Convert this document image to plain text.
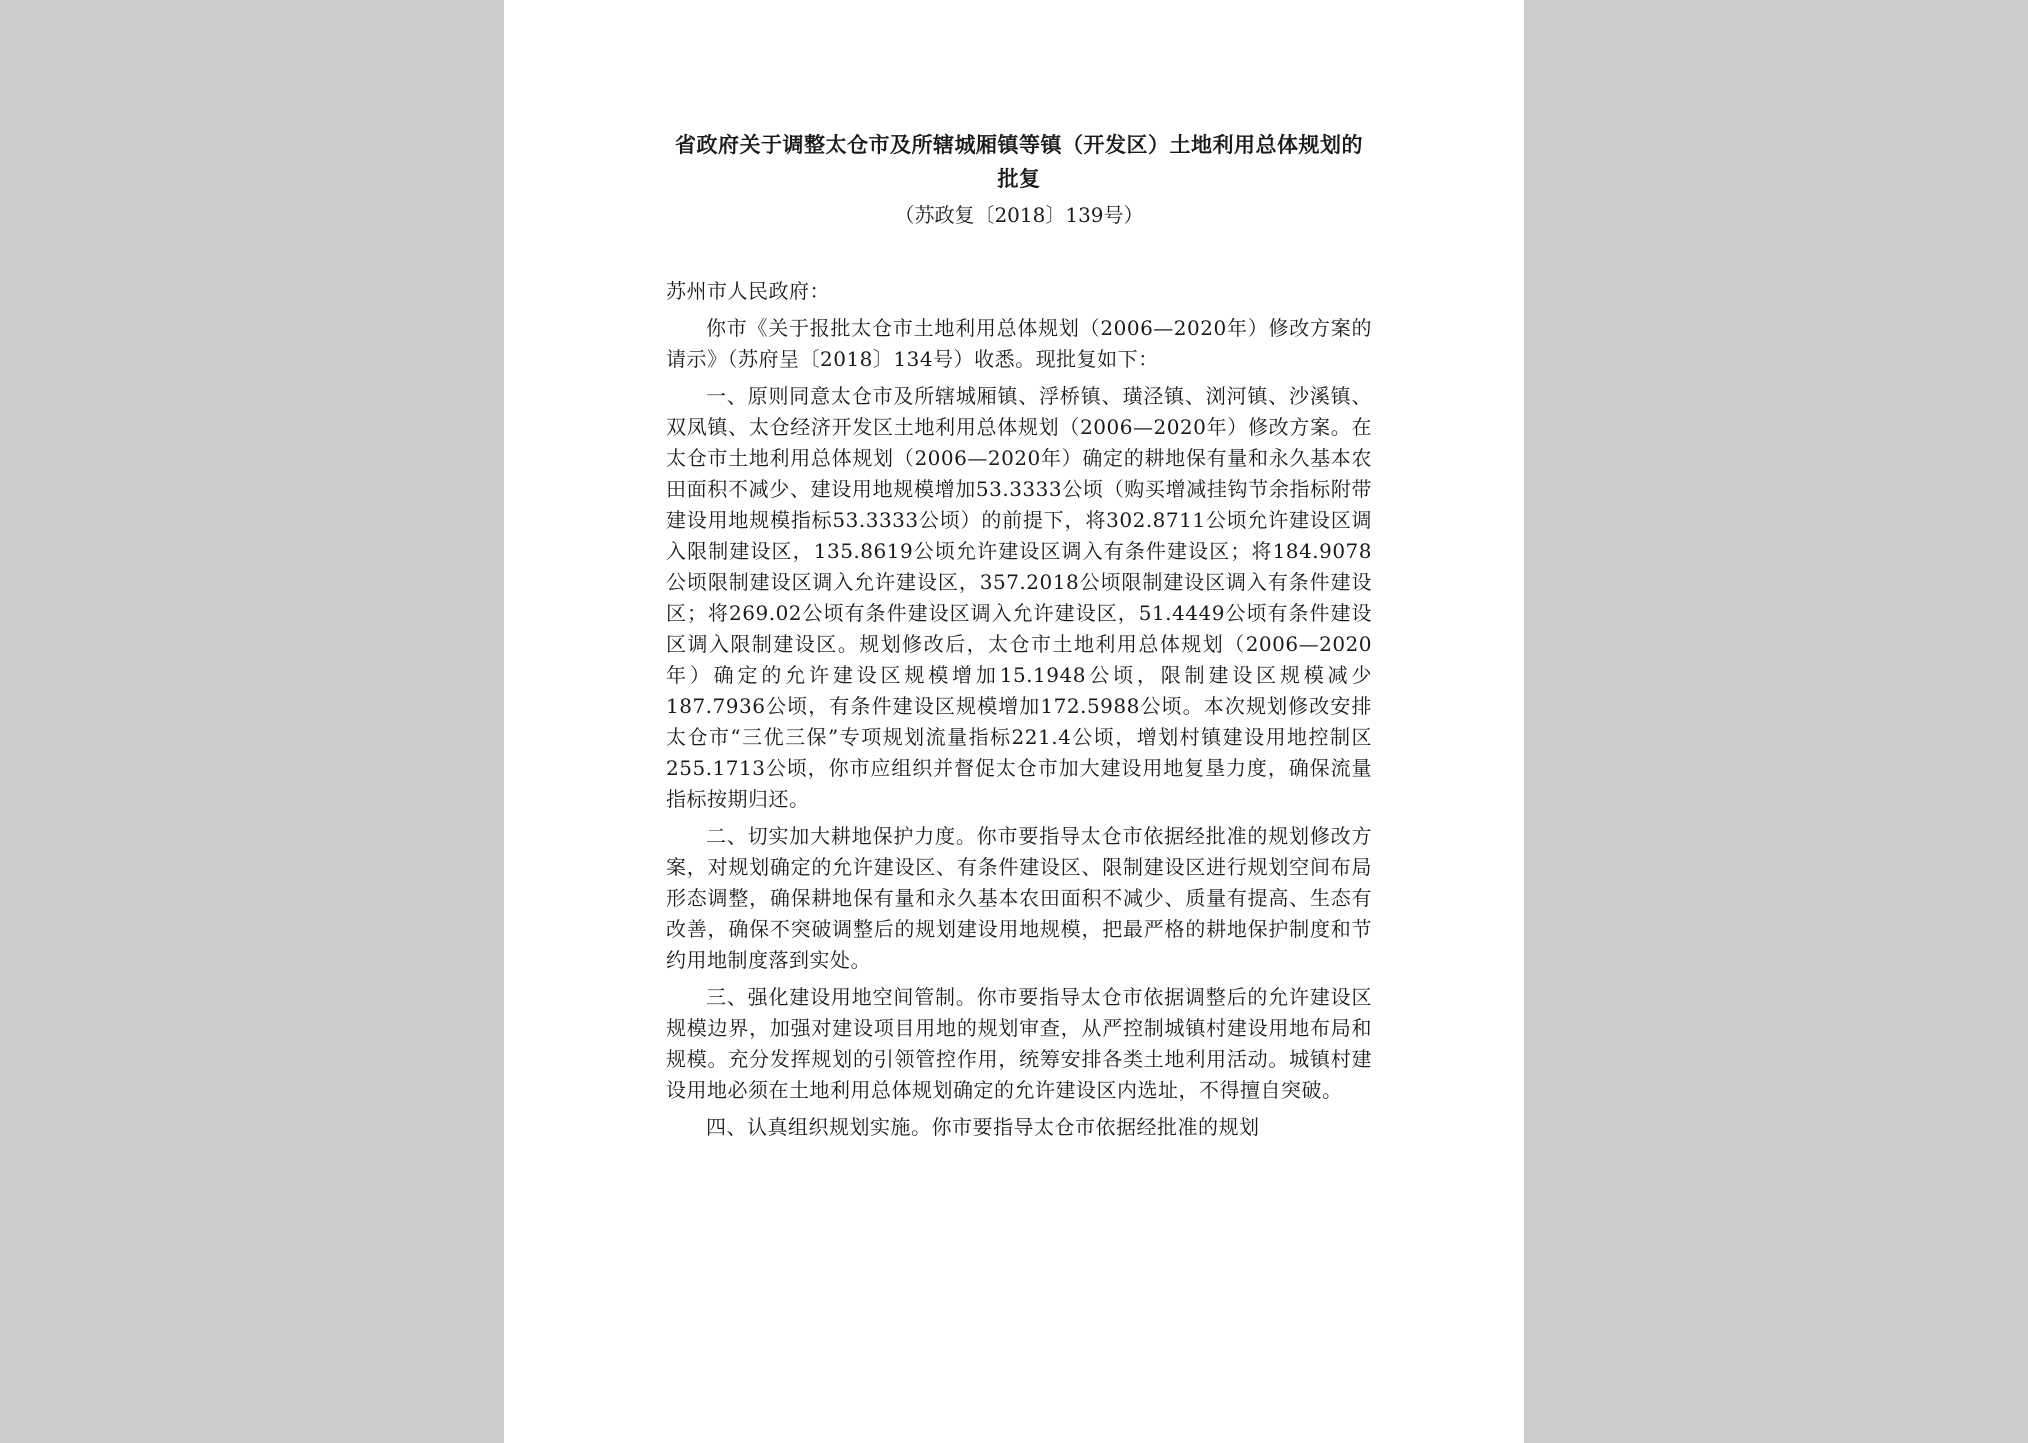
省政府关于调整太仓市及所辖城厢镇等镇（开发区）土地利用总体规划的批复

（苏政复〔2018〕139号）

苏州市人民政府：

你市《关于报批太仓市土地利用总体规划（2006—2020年）修改方案的请示》（苏府呈〔2018〕134号）收悉。现批复如下：

一、原则同意太仓市及所辖城厢镇、浮桥镇、璜泾镇、浏河镇、沙溪镇、双凤镇、太仓经济开发区土地利用总体规划（2006—2020年）修改方案。在太仓市土地利用总体规划（2006—2020年）确定的耕地保有量和永久基本农田面积不减少、建设用地规模增加53.3333公顷（购买增减挂钩节余指标附带建设用地规模指标53.3333公顷）的前提下，将302.8711公顷允许建设区调入限制建设区，135.8619公顷允许建设区调入有条件建设区；将184.9078公顷限制建设区调入允许建设区，357.2018公顷限制建设区调入有条件建设区；将269.02公顷有条件建设区调入允许建设区，51.4449公顷有条件建设区调入限制建设区。规划修改后，太仓市土地利用总体规划（2006—2020年）确定的允许建设区规模增加15.1948公顷，限制建设区规模减少187.7936公顷，有条件建设区规模增加172.5988公顷。本次规划修改安排太仓市“三优三保”专项规划流量指标221.4公顷，增划村镇建设用地控制区255.1713公顷，你市应组织并督促太仓市加大建设用地复垦力度，确保流量指标按期归还。

二、切实加大耕地保护力度。你市要指导太仓市依据经批准的规划修改方案，对规划确定的允许建设区、有条件建设区、限制建设区进行规划空间布局形态调整，确保耕地保有量和永久基本农田面积不减少、质量有提高、生态有改善，确保不突破调整后的规划建设用地规模，把最严格的耕地保护制度和节约用地制度落到实处。

三、强化建设用地空间管制。你市要指导太仓市依据调整后的允许建设区规模边界，加强对建设项目用地的规划审查，从严控制城镇村建设用地布局和规模。充分发挥规划的引领管控作用，统筹安排各类土地利用活动。城镇村建设用地必须在土地利用总体规划确定的允许建设区内选址，不得擅自突破。

四、认真组织规划实施。你市要指导太仓市依据经批准的规划
